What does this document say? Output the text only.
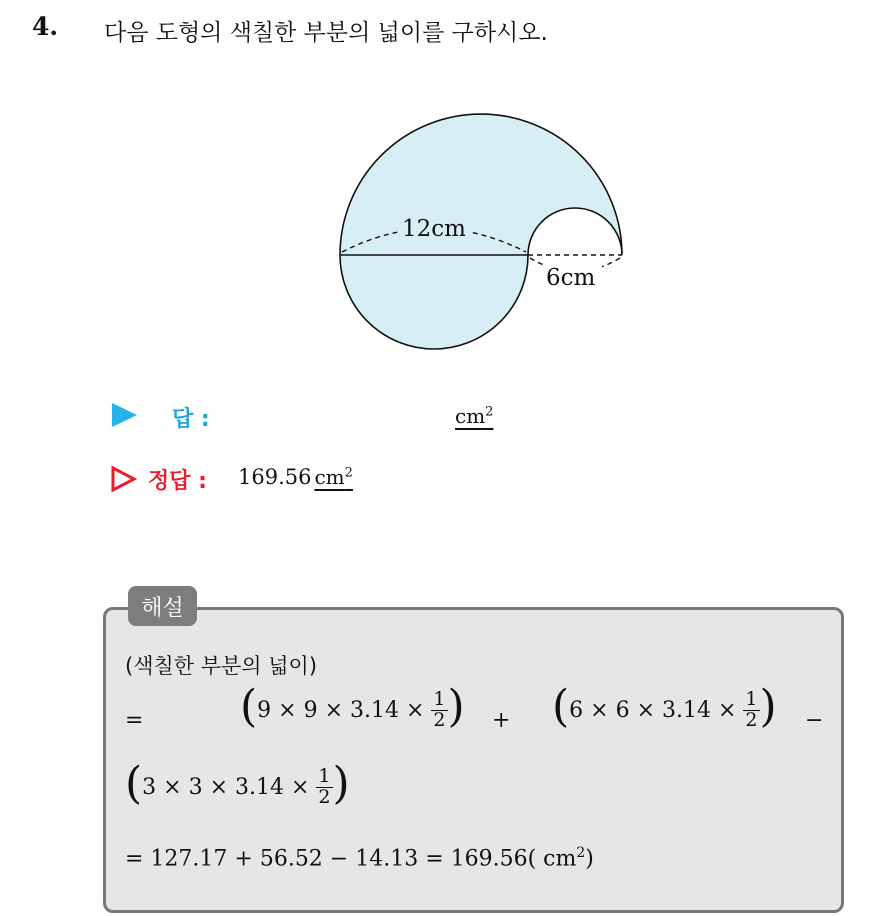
4. 다음 도형의 색칠한 부분의 넓이를 구하시오.
12cm
6cm
답 :	$cm^2$
정답 : 169.56 $cm^2$
해설
(색칠한 부분의 넓이)
= ( 9 × 9 × 3.14 ×
$\frac{1}{2}$ ) + ( 6 × 6 × 3.14 ×
$\frac{1}{2}$ ) −
( 3 × 3 × 3.14 ×
$\frac{1}{2}$ )
= 127.17 + 56.52 − 14.13 = 169.56( $cm^2$)
